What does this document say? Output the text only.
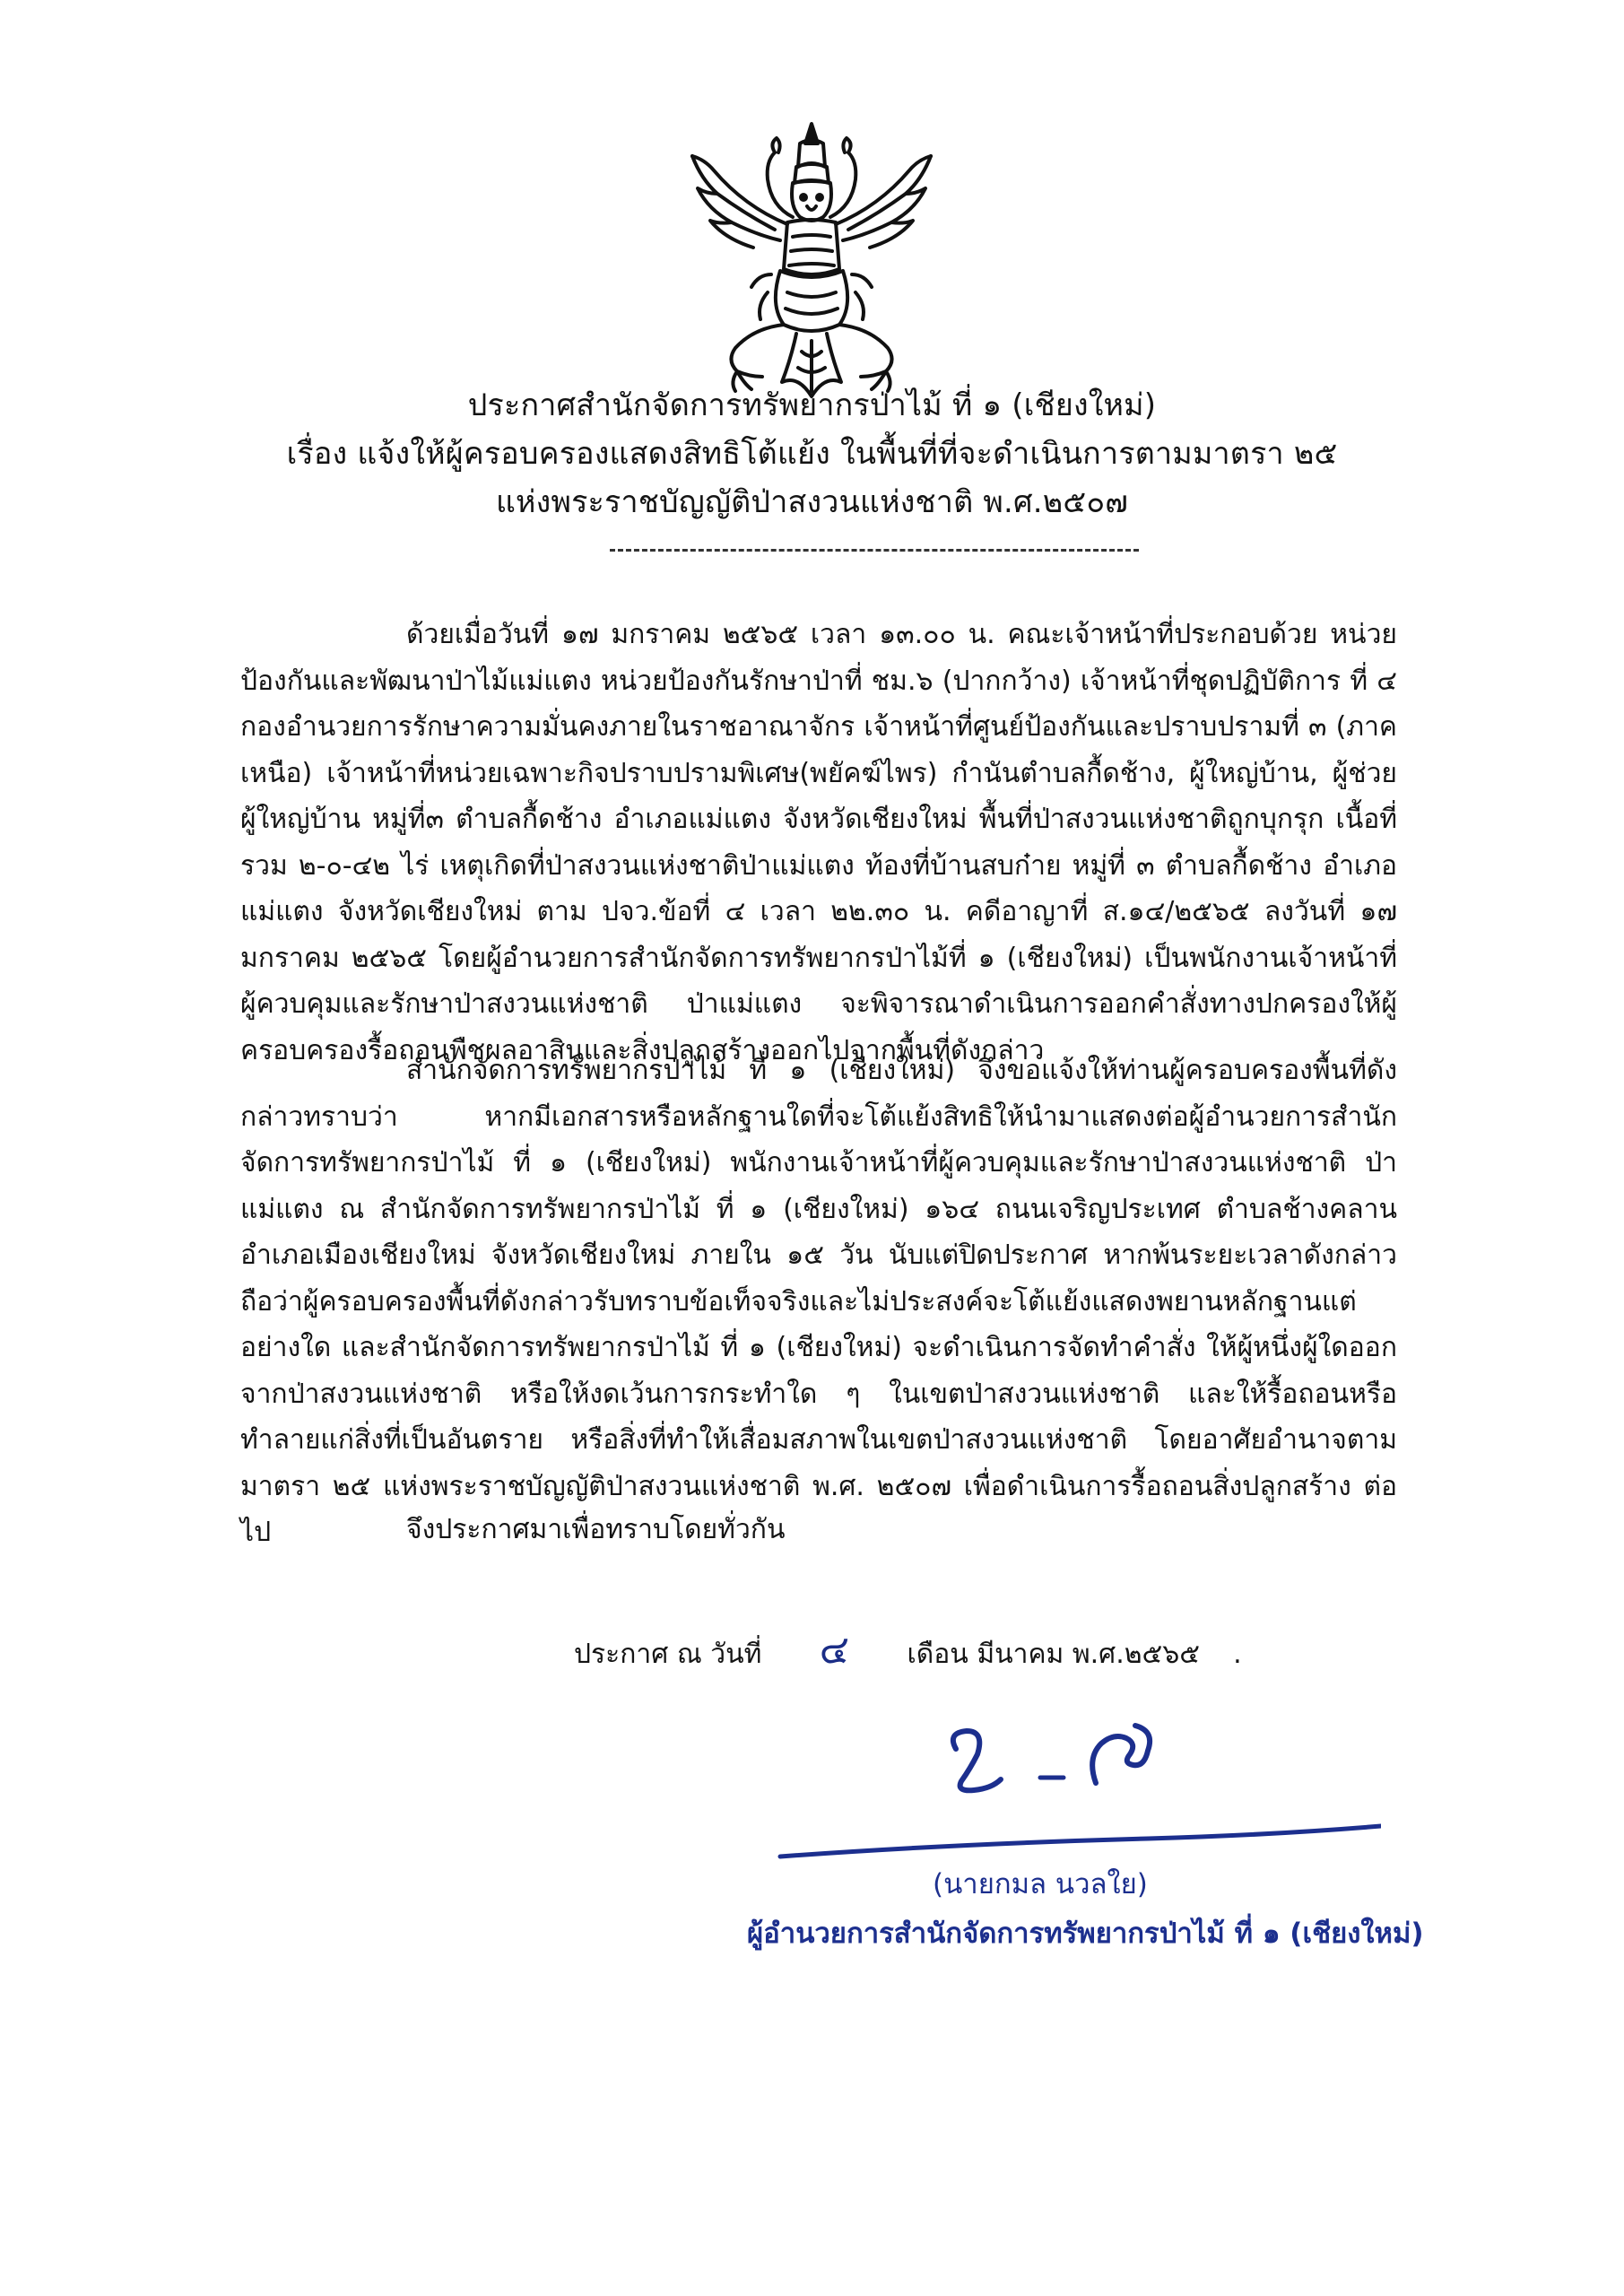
ประกาศสำนักจัดการทรัพยากรป่าไม้ ที่ ๑ (เชียงใหม่)
เรื่อง แจ้งให้ผู้ครอบครองแสดงสิทธิโต้แย้ง ในพื้นที่ที่จะดำเนินการตามมาตรา ๒๕
แห่งพระราชบัญญัติป่าสงวนแห่งชาติ พ.ศ.๒๕๐๗
ด้วยเมื่อวันที่ ๑๗ มกราคม ๒๕๖๕ เวลา ๑๓.๐๐ น. คณะเจ้าหน้าที่ประกอบด้วย หน่วยป้องกันและพัฒนาป่าไม้แม่แตง หน่วยป้องกันรักษาป่าที่ ชม.๖ (ปากกว้าง) เจ้าหน้าที่ชุดปฏิบัติการ ที่ ๔ กองอำนวยการรักษาความมั่นคงภายในราชอาณาจักร เจ้าหน้าที่ศูนย์ป้องกันและปราบปรามที่ ๓ (ภาคเหนือ) เจ้าหน้าที่หน่วยเฉพาะกิจปราบปรามพิเศษ(พยัคฆ์ไพร) กำนันตำบลกื้ดช้าง, ผู้ใหญ่บ้าน, ผู้ช่วยผู้ใหญ่บ้าน หมู่ที่๓ ตำบลกื้ดช้าง อำเภอแม่แตง จังหวัดเชียงใหม่ พื้นที่ป่าสงวนแห่งชาติถูกบุกรุก เนื้อที่รวม ๒-๐-๔๒ ไร่ เหตุเกิดที่ป่าสงวนแห่งชาติป่าแม่แตง ท้องที่บ้านสบก๋าย หมู่ที่ ๓ ตำบลกื้ดช้าง อำเภอแม่แตง จังหวัดเชียงใหม่ ตาม ปจว.ข้อที่ ๔ เวลา ๒๒.๓๐ น. คดีอาญาที่ ส.๑๔/๒๕๖๕ ลงวันที่ ๑๗ มกราคม ๒๕๖๕ โดยผู้อำนวยการสำนักจัดการทรัพยากรป่าไม้ที่ ๑ (เชียงใหม่) เป็นพนักงานเจ้าหน้าที่ผู้ควบคุมและรักษาป่าสงวนแห่งชาติ ป่าแม่แตง จะพิจารณาดำเนินการออกคำสั่งทางปกครองให้ผู้ครอบครองรื้อถอนพืชผลอาสินและสิ่งปลูกสร้างออกไปจากพื้นที่ดังกล่าว
สำนักจัดการทรัพยากรป่าไม้ ที่ ๑ (เชียงใหม่) จึงขอแจ้งให้ท่านผู้ครอบครองพื้นที่ดังกล่าวทราบว่า หากมีเอกสารหรือหลักฐานใดที่จะโต้แย้งสิทธิให้นำมาแสดงต่อผู้อำนวยการสำนักจัดการทรัพยากรป่าไม้ ที่ ๑ (เชียงใหม่) พนักงานเจ้าหน้าที่ผู้ควบคุมและรักษาป่าสงวนแห่งชาติ ป่าแม่แตง ณ สำนักจัดการทรัพยากรป่าไม้ ที่ ๑ (เชียงใหม่) ๑๖๔ ถนนเจริญประเทศ ตำบลช้างคลาน อำเภอเมืองเชียงใหม่ จังหวัดเชียงใหม่ ภายใน ๑๕ วัน นับแต่ปิดประกาศ หากพ้นระยะเวลาดังกล่าว ถือว่าผู้ครอบครองพื้นที่ดังกล่าวรับทราบข้อเท็จจริงและไม่ประสงค์จะโต้แย้งแสดงพยานหลักฐานแต่อย่างใด และสำนักจัดการทรัพยากรป่าไม้ ที่ ๑ (เชียงใหม่) จะดำเนินการจัดทำคำสั่ง ให้ผู้หนึ่งผู้ใดออกจากป่าสงวนแห่งชาติ หรือให้งดเว้นการกระทำใด ๆ ในเขตป่าสงวนแห่งชาติ และให้รื้อถอนหรือทำลายแก่สิ่งที่เป็นอันตราย หรือสิ่งที่ทำให้เสื่อมสภาพในเขตป่าสงวนแห่งชาติ โดยอาศัยอำนาจตามมาตรา ๒๕ แห่งพระราชบัญญัติป่าสงวนแห่งชาติ พ.ศ. ๒๕๐๗ เพื่อดำเนินการรื้อถอนสิ่งปลูกสร้าง ต่อไป	จึงประกาศมาเพื่อทราบโดยทั่วกัน
ประกาศ ณ วันที่ ๔ เดือน มีนาคม พ.ศ.๒๕๖๕ .
(นายกมล นวลใย)
ผู้อำนวยการสำนักจัดการทรัพยากรป่าไม้ ที่ ๑ (เชียงใหม่)
